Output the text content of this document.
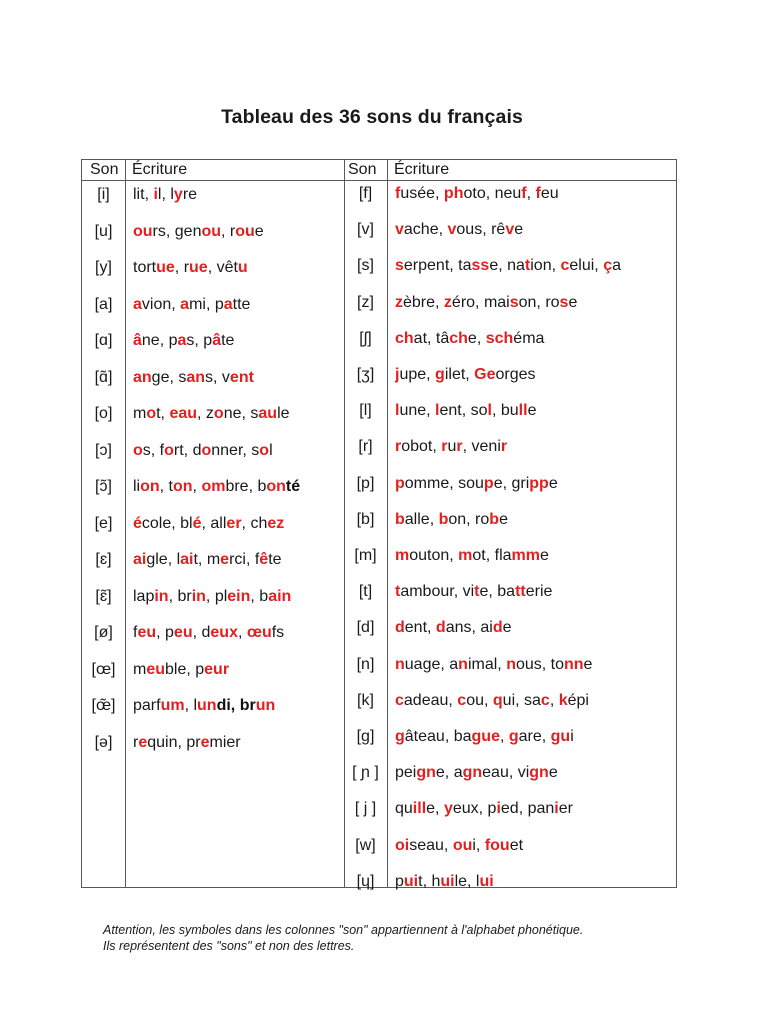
Tableau des 36 sons du français
Son Écriture	Son Écriture
[i]	lit, il, lyre
[u]	ours, genou, roue
[y]	tortue, rue, vêtu
[a]	avion, ami, patte
[ɑ]	âne, pas, pâte
[ɑ̃]	ange, sans, vent
[o]	mot, eau, zone, saule
[ɔ]	os, fort, donner, sol
[ɔ̃]	lion, ton, ombre, bonté
[e]	école, blé, aller, chez
[ɛ]	aigle, lait, merci, fête
[ɛ̃]	lapin, brin, plein, bain
[ø]	feu, peu, deux, œufs
[œ]	meuble, peur
[œ̃]	parfum, lundi, brun
[ə]	requin, premier
[f]	fusée, photo, neuf, feu
[v]	vache, vous, rêve
[s]	serpent, tasse, nation, celui, ça
[z]	zèbre, zéro, maison, rose
[ʃ]	chat, tâche, schéma
[ʒ]	jupe, gilet, Georges
[l]	lune, lent, sol, bulle
[r]	robot, rur, venir
[p]	pomme, soupe, grippe
[b]	balle, bon, robe
[m]	mouton, mot, flamme
[t]	tambour, vite, batterie
[d]	dent, dans, aide
[n]	nuage, animal, nous, tonne
[k]	cadeau, cou, qui, sac, képi
[g]	gâteau, bague, gare, gui
[ ɲ ]	peigne, agneau, vigne
[ j ]	quille, yeux, pied, panier
[w]	oiseau, oui, fouet
[ɥ]	puit, huile, lui
Attention, les symboles dans les colonnes "son" appartiennent à l'alphabet phonétique.
Ils représentent des "sons" et non des lettres.
